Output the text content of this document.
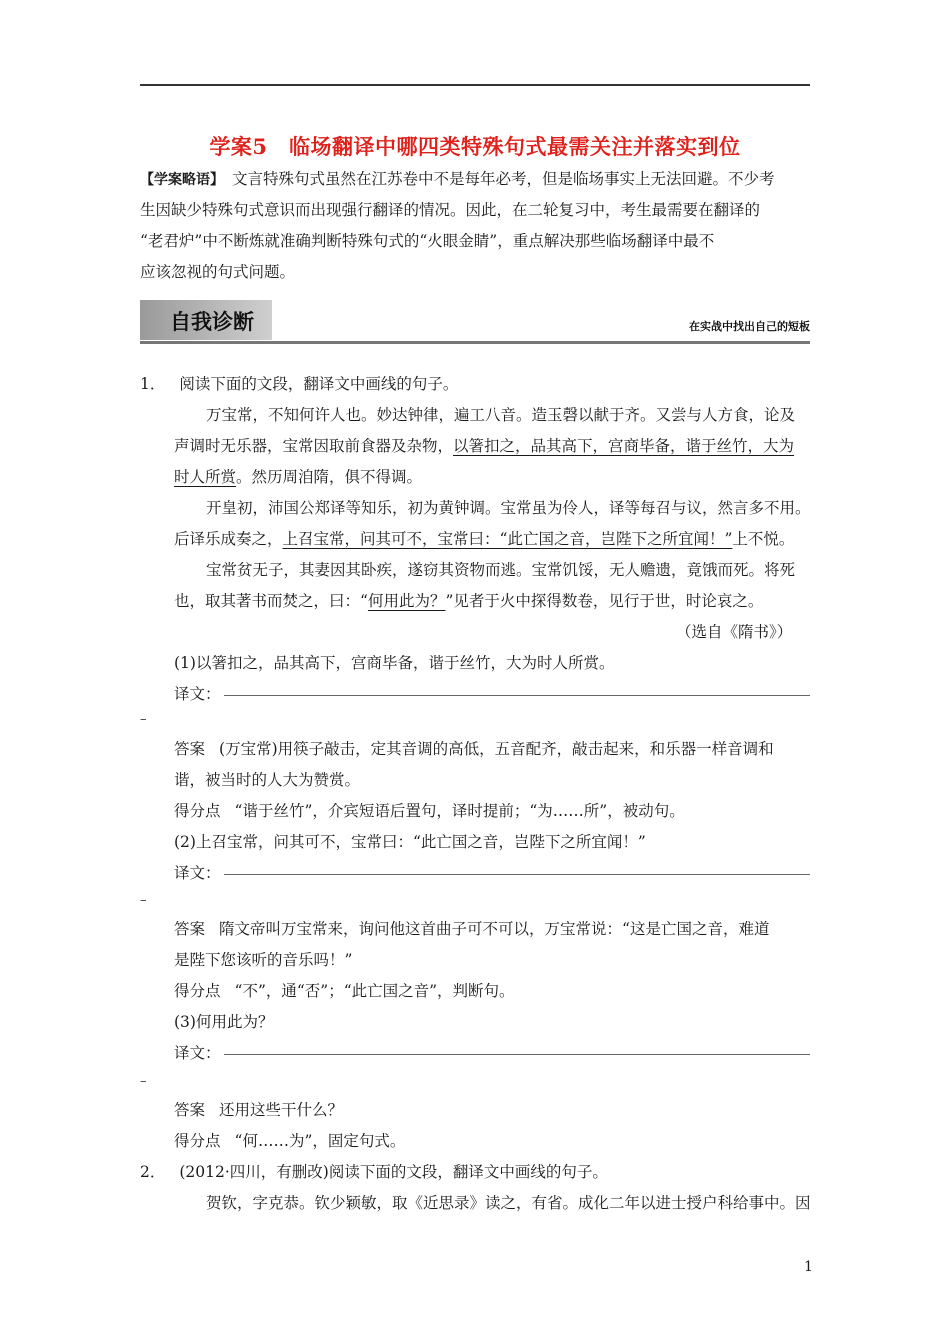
学案5　临场翻译中哪四类特殊句式最需关注并落实到位
【学案略语】 文言特殊句式虽然在江苏卷中不是每年必考，但是临场事实上无法回避。不少考
生因缺少特殊句式意识而出现强行翻译的情况。因此，在二轮复习中，考生最需要在翻译的
“老君炉”中不断炼就准确判断特殊句式的“火眼金睛”，重点解决那些临场翻译中最不
应该忽视的句式问题。
自我诊断	在实战中找出自己的短板
1． 阅读下面的文段，翻译文中画线的句子。
万宝常，不知何许人也。妙达钟律，遍工八音。造玉磬以献于齐。又尝与人方食，论及
声调时无乐器，宝常因取前食器及杂物，以箸扣之，品其高下，宫商毕备，谐于丝竹，大为
时人所赏。然历周洎隋，俱不得调。
开皇初，沛国公郑译等知乐，初为黄钟调。宝常虽为伶人，译等每召与议，然言多不用。
后译乐成奏之，上召宝常，问其可不，宝常曰：“此亡国之音，岂陛下之所宜闻！”上不悦。
宝常贫无子，其妻因其卧疾，遂窃其资物而逃。宝常饥馁，无人赡遗，竟饿而死。将死
也，取其著书而焚之，曰：“何用此为？”见者于火中探得数卷，见行于世，时论哀之。
（选自《隋书》）
(1)以箸扣之，品其高下，宫商毕备，谐于丝竹，大为时人所赏。
译文：
–
答案 (万宝常)用筷子敲击，定其音调的高低，五音配齐，敲击起来，和乐器一样音调和
谐，被当时的人大为赞赏。
得分点 “谐于丝竹”，介宾短语后置句，译时提前；“为……所”，被动句。
(2)上召宝常，问其可不，宝常曰：“此亡国之音，岂陛下之所宜闻！”
译文：
–
答案 隋文帝叫万宝常来，询问他这首曲子可不可以，万宝常说：“这是亡国之音，难道
是陛下您该听的音乐吗！”
得分点 “不”，通“否”；“此亡国之音”，判断句。
(3)何用此为？
译文：
–
答案 还用这些干什么？
得分点 “何……为”，固定句式。
2． (2012·四川，有删改)阅读下面的文段，翻译文中画线的句子。
贺钦，字克恭。钦少颖敏，取《近思录》读之，有省。成化二年以进士授户科给事中。因
1
